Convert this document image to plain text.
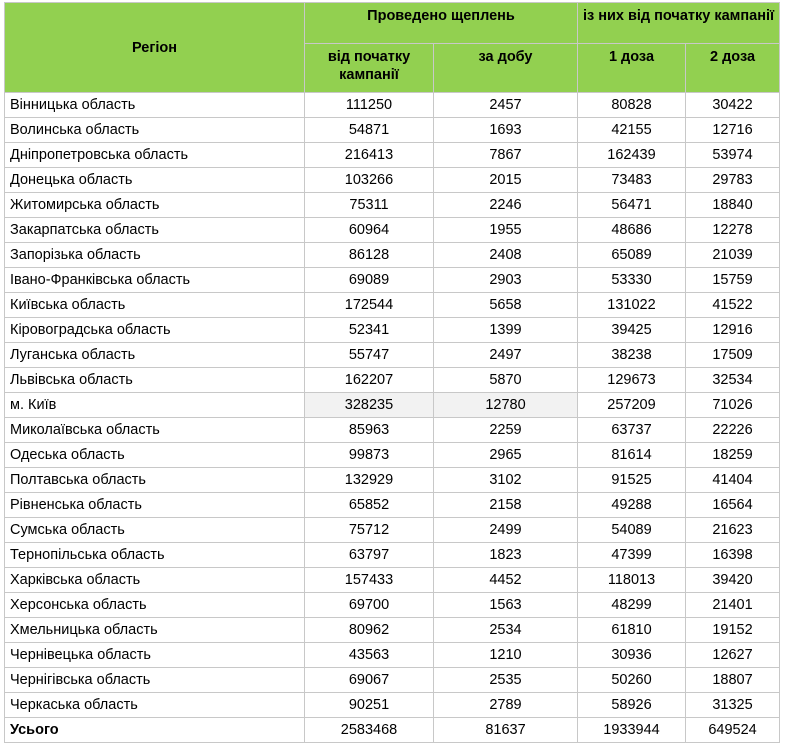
Регіон	Проведено щеплень		із них від початку кампанії	

	від початку кампанії	за добу	1 доза	2 доза

Вінницька область	111250	2457	80828	30422
Волинська область	54871	1693	42155	12716
Дніпропетровська область	216413	7867	162439	53974
Донецька область	103266	2015	73483	29783
Житомирська область	75311	2246	56471	18840
Закарпатська область	60964	1955	48686	12278
Запорізька область	86128	2408	65089	21039
Івано-Франківська область	69089	2903	53330	15759
Київська область	172544	5658	131022	41522
Кіровоградська область	52341	1399	39425	12916
Луганська область	55747	2497	38238	17509
Львівська область	162207	5870	129673	32534
м. Київ	328235	12780	257209	71026
Миколаївська область	85963	2259	63737	22226
Одеська область	99873	2965	81614	18259
Полтавська область	132929	3102	91525	41404
Рівненська область	65852	2158	49288	16564
Сумська область	75712	2499	54089	21623
Тернопільська область	63797	1823	47399	16398
Харківська область	157433	4452	118013	39420
Херсонська область	69700	1563	48299	21401
Хмельницька область	80962	2534	61810	19152
Чернівецька область	43563	1210	30936	12627
Чернігівська область	69067	2535	50260	18807
Черкаська область	90251	2789	58926	31325
Усього	2583468	81637	1933944	649524
